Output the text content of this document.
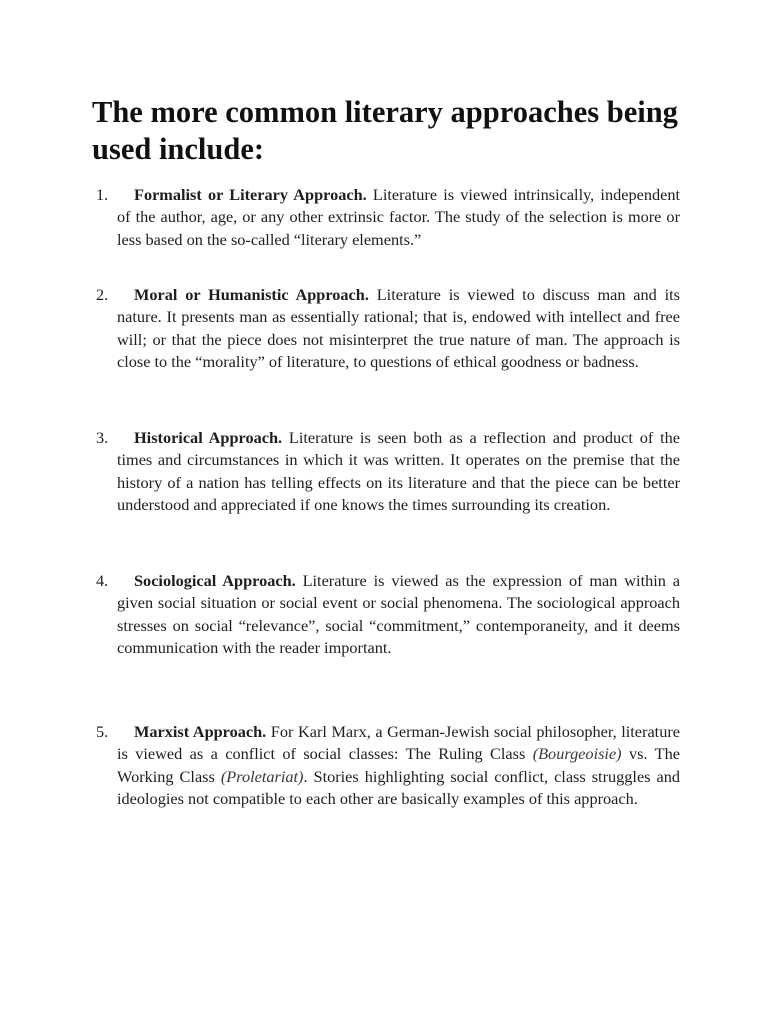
The more common literary approaches being used include:
1.	Formalist or Literary Approach. Literature is viewed intrinsically, independent of the author, age, or any other extrinsic factor. The study of the selection is more or less based on the so-called “literary elements.”
2.	Moral or Humanistic Approach. Literature is viewed to discuss man and its nature. It presents man as essentially rational; that is, endowed with intellect and free will; or that the piece does not misinterpret the true nature of man. The approach is close to the “morality” of literature, to questions of ethical goodness or badness.
3.	Historical Approach. Literature is seen both as a reflection and product of the times and circumstances in which it was written. It operates on the premise that the history of a nation has telling effects on its literature and that the piece can be better understood and appreciated if one knows the times surrounding its creation.
4.	Sociological Approach. Literature is viewed as the expression of man within a given social situation or social event or social phenomena. The sociological approach stresses on social “relevance”, social “commitment,” contemporaneity, and it deems communication with the reader important.
5.	Marxist Approach. For Karl Marx, a German-Jewish social philosopher, literature is viewed as a conflict of social classes: The Ruling Class (Bourgeoisie) vs. The Working Class (Proletariat). Stories highlighting social conflict, class struggles and ideologies not compatible to each other are basically examples of this approach.
